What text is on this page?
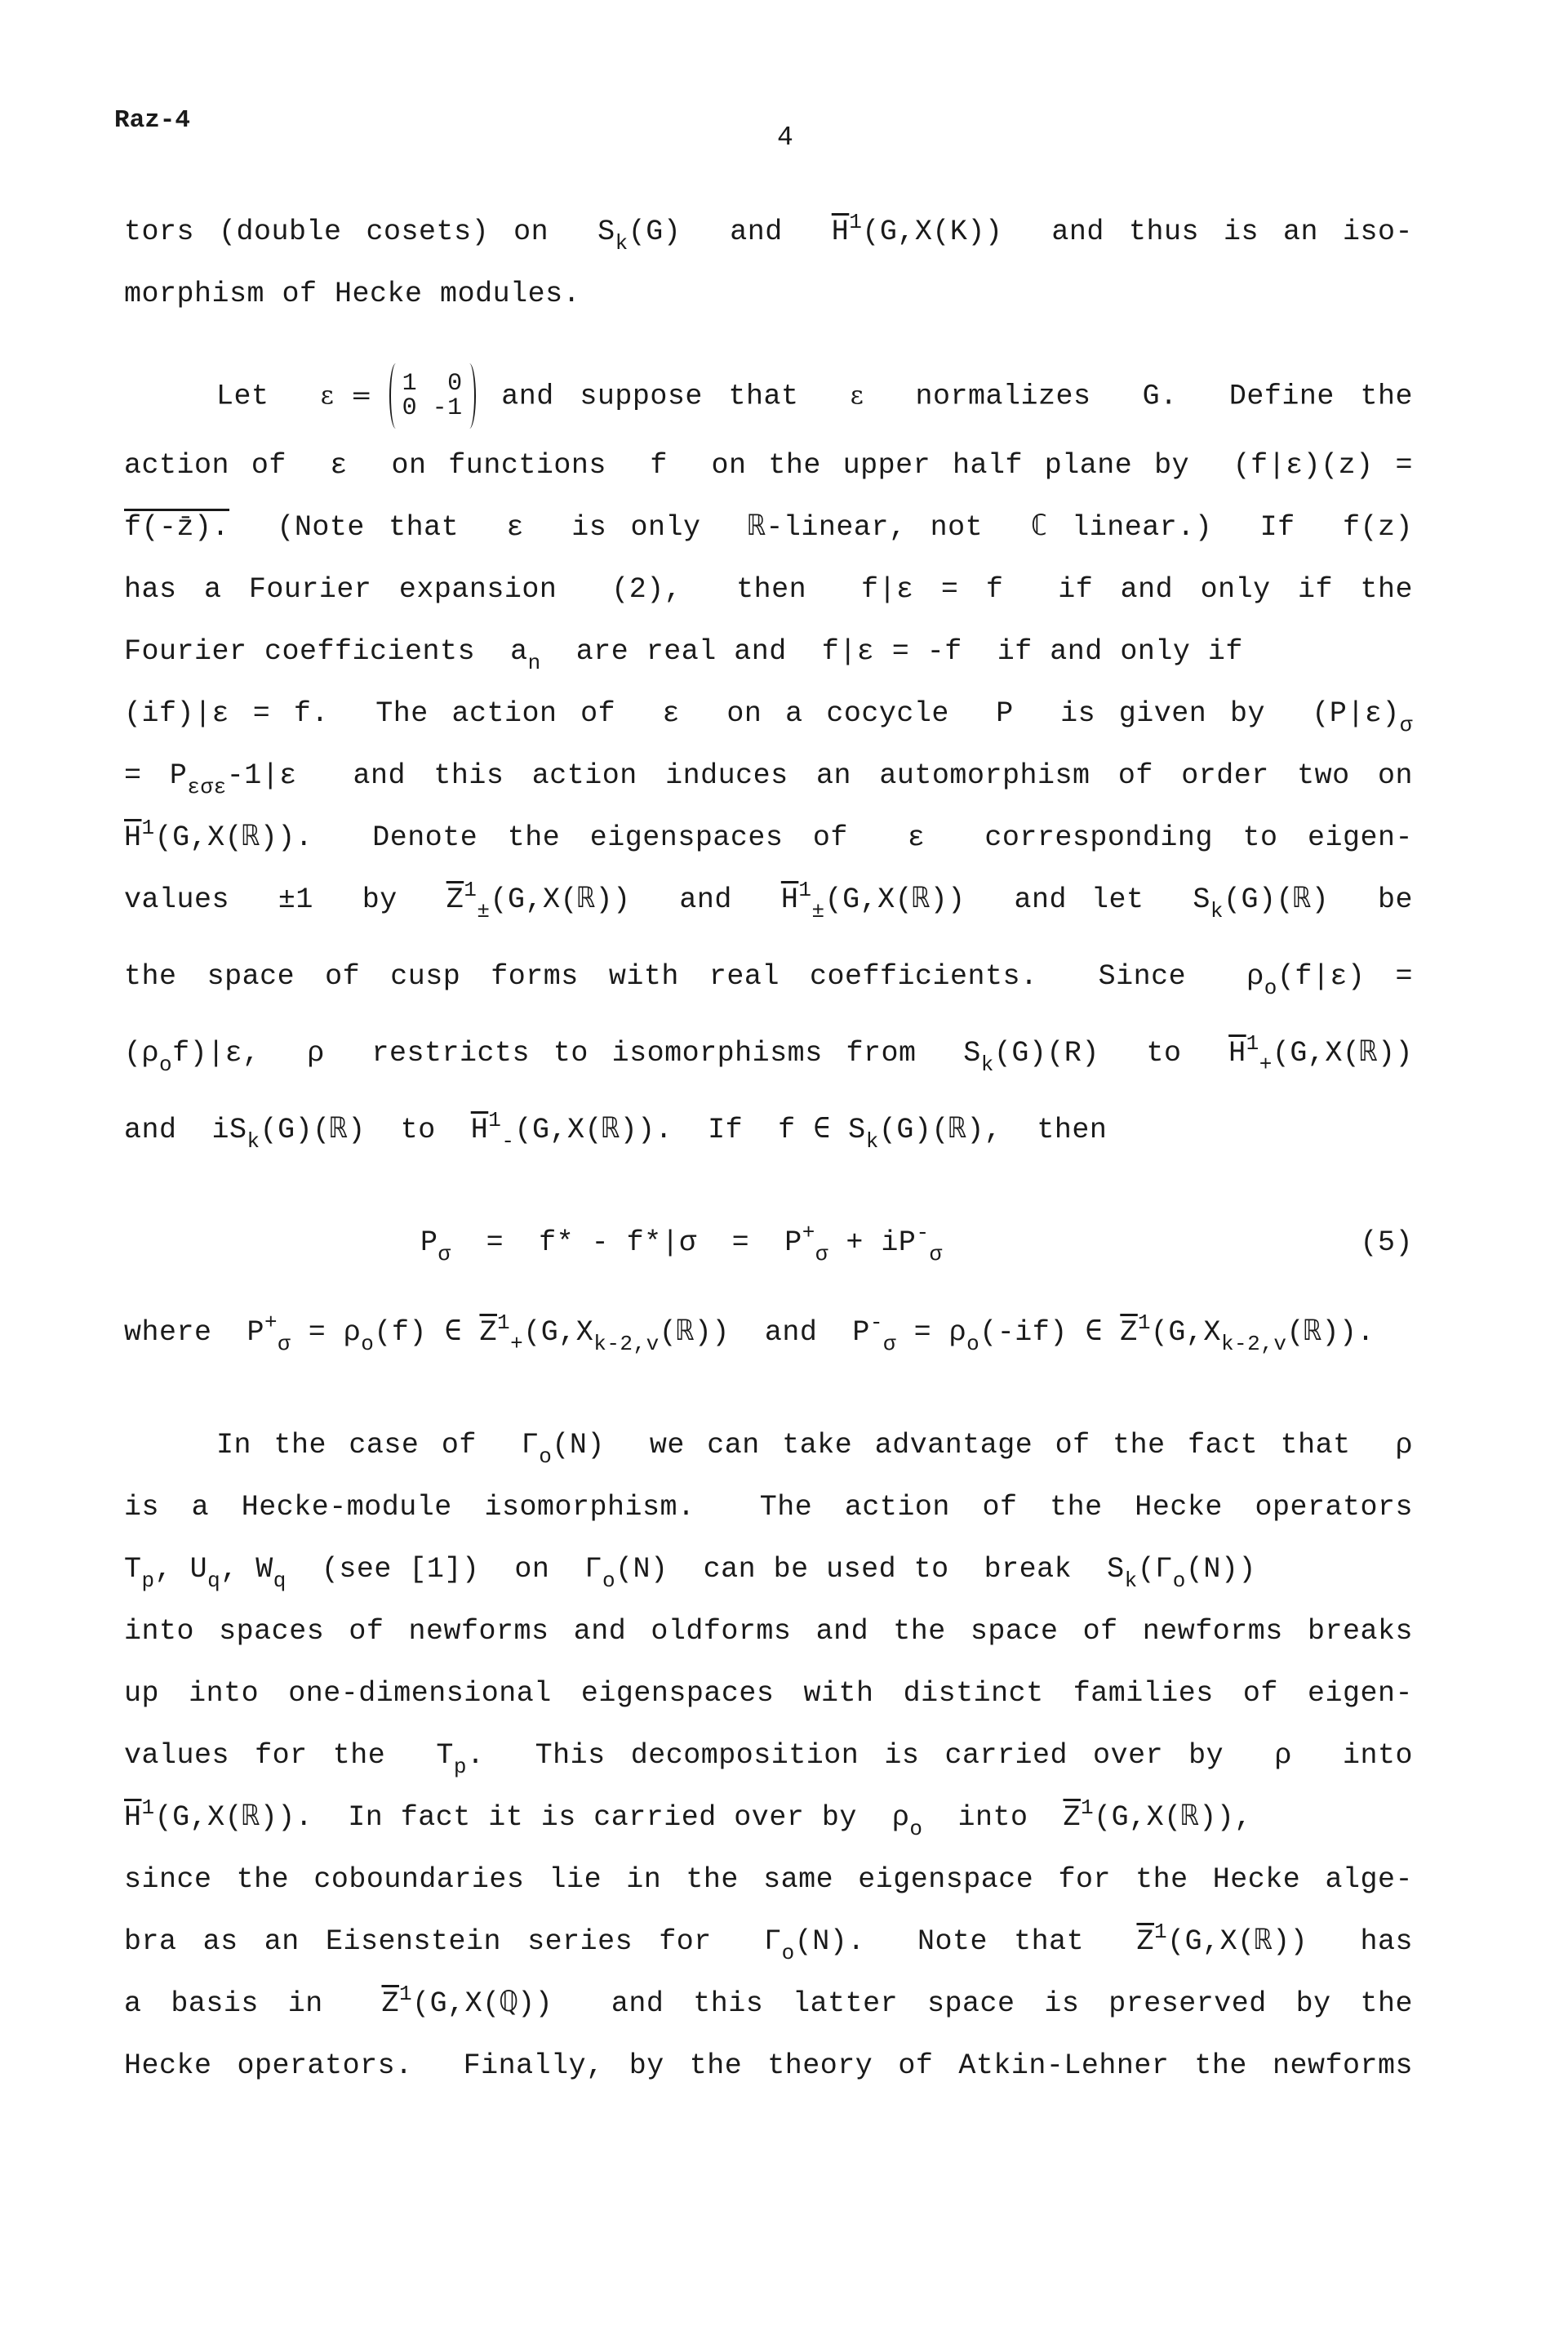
Raz-4
4
tors (double cosets) on  $S_k(G)$  and  $\overline{H}^1(G,X(K))$  and thus is an iso-
morphism of Hecke modules.
Let  ε = 1 0
0 -1 and suppose that  ε  normalizes  G.  Define the
action of  ε  on functions  f  on the upper half plane by  (f|ε)(z) =
f(-z̄).  (Note that  ε  is only  ℝ-linear, not  ℂ linear.)  If  f(z)
has a Fourier expansion  (2),  then  f|ε = f  if and only if the
Fourier coefficients  $a_n$  are real and  f|ε = -f  if and only if
(if)|ε = f.  The action of  ε  on a cocycle  P  is given by  $(P|\varepsilon)_\sigma$
= $P_{\varepsilon\sigma\varepsilon}-1|\varepsilon$  and this action induces an automorphism of order two on
$\overline{H}^1(G,X(ℝ))$.  Denote the eigenspaces of  ε  corresponding to eigen-
values  ±1  by  $\overline{Z}^1_\pm(G,X(ℝ))$  and  $\overline{H}^1_\pm(G,X(ℝ))$  and let  $S_k(G)(ℝ)$  be
the space of cusp forms with real coefficients.  Since  $\rho_o(f|\varepsilon)$ =
$(\rho_of)|\varepsilon$,  ρ  restricts to isomorphisms from  $S_k(G)(R)$  to  $\overline{H}^1_+(G,X(ℝ))$
and  $iS_k(G)(ℝ)$  to  $\overline{H}^1_-(G,X(ℝ))$.  If  f ∈ $S_k(G)(ℝ)$,  then
$P_\sigma = f* - f*|\sigma = P^+_\sigma + iP^-_\sigma$	(5)
where  $P^+_\sigma = \rho_o(f)$ ∈ $\overline{Z}^1_+(G,X_{k-2,v}(ℝ))$  and  $P^-_\sigma = \rho_o(-if)$ ∈ $\overline{Z}^1(G,X_{k-2,v}(ℝ))$.
In the case of  $\Gamma_o(N)$  we can take advantage of the fact that  ρ
is a Hecke-module isomorphism.  The action of the Hecke operators
$T_p$, $U_q$, $W_q$  (see [1])  on  $\Gamma_o(N)$  can be used to  break  $S_k(\Gamma_o(N))$
into spaces of newforms and oldforms and the space of newforms breaks
up into one-dimensional eigenspaces with distinct families of eigen-
values for the  $T_p$.  This decomposition is carried over by  ρ  into
$\overline{H}^1(G,X(ℝ))$.  In fact it is carried over by  $\rho_o$  into  $\overline{Z}^1(G,X(ℝ))$,
since the coboundaries lie in the same eigenspace for the Hecke alge-
bra as an Eisenstein series for  $\Gamma_o(N)$.  Note that  $\overline{Z}^1(G,X(ℝ))$  has
a basis in  $\overline{Z}^1(G,X(ℚ))$  and this latter space is preserved by the
Hecke operators.  Finally, by the theory of Atkin-Lehner the newforms
